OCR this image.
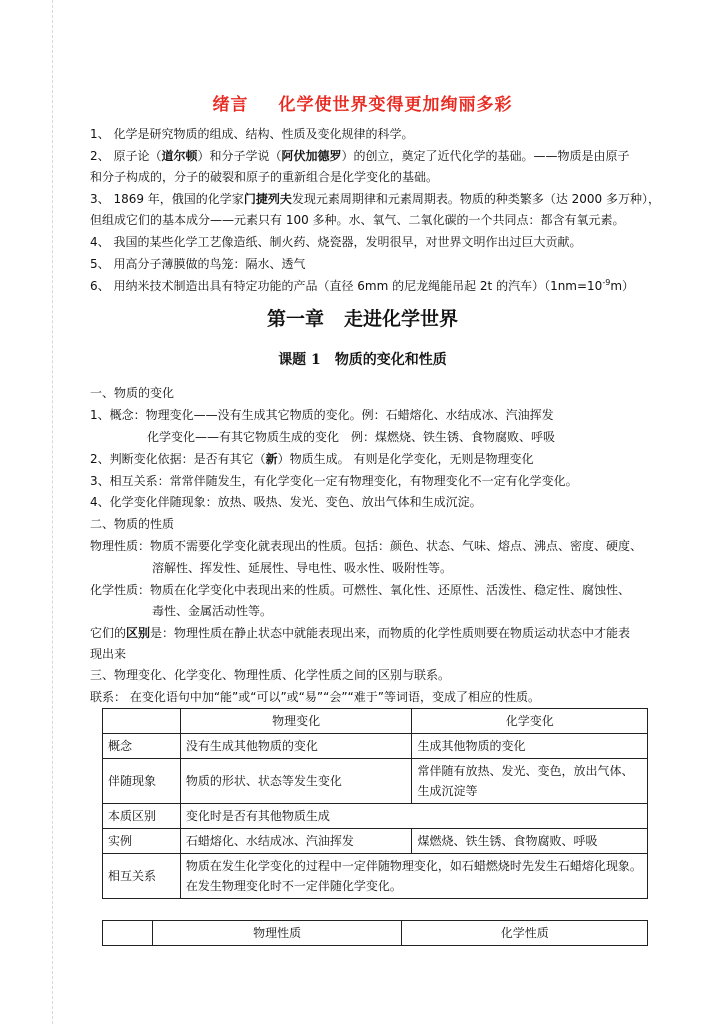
绪言 化学使世界变得更加绚丽多彩
1、 化学是研究物质的组成、结构、性质及变化规律的科学。
2、 原子论（道尔顿）和分子学说（阿伏加德罗）的创立，奠定了近代化学的基础。——物质是由原子
和分子构成的，分子的破裂和原子的重新组合是化学变化的基础。
3、 1869 年，俄国的化学家门捷列夫发现元素周期律和元素周期表。物质的种类繁多（达 2000 多万种），
但组成它们的基本成分——元素只有 100 多种。水、氧气、二氧化碳的一个共同点：都含有氧元素。
4、 我国的某些化学工艺像造纸、制火药、烧瓷器，发明很早，对世界文明作出过巨大贡献。
5、 用高分子薄膜做的鸟笼：隔水、透气
6、 用纳米技术制造出具有特定功能的产品（直径 6mm 的尼龙绳能吊起 2t 的汽车）$(1nm=10^{-9}m)$
第一章 走进化学世界
课题 1 物质的变化和性质
一、物质的变化
1、概念：物理变化——没有生成其它物质的变化。例：石蜡熔化、水结成冰、汽油挥发
化学变化——有其它物质生成的变化　例：煤燃烧、铁生锈、食物腐败、呼吸
2、判断变化依据：是否有其它（新）物质生成。 有则是化学变化，无则是物理变化
3、相互关系：常常伴随发生，有化学变化一定有物理变化，有物理变化不一定有化学变化。
4、化学变化伴随现象：放热、吸热、发光、变色、放出气体和生成沉淀。
二、物质的性质
物理性质：物质不需要化学变化就表现出的性质。包括：颜色、状态、气味、熔点、沸点、密度、硬度、
溶解性、挥发性、延展性、导电性、吸水性、吸附性等。
化学性质：物质在化学变化中表现出来的性质。可燃性、氧化性、还原性、活泼性、稳定性、腐蚀性、
毒性、金属活动性等。
它们的区别是：物理性质在静止状态中就能表现出来，而物质的化学性质则要在物质运动状态中才能表
现出来
三、物理变化、化学变化、物理性质、化学性质之间的区别与联系。
联系： 在变化语句中加“能”或“可以”或“易”“会”“难于”等词语，变成了相应的性质。
	物理变化	化学变化
概念	没有生成其他物质的变化	生成其他物质的变化
伴随现象	物质的形状、状态等发生变化	常伴随有放热、发光、变色，放出气体、生成沉淀等
本质区别	变化时是否有其他物质生成	
实例	石蜡熔化、水结成冰、汽油挥发	煤燃烧、铁生锈、食物腐败、呼吸
相互关系	物质在发生化学变化的过程中一定伴随物理变化，如石蜡燃烧时先发生石蜡熔化现象。在发生物理变化时不一定伴随化学变化。	
	物理性质	化学性质
